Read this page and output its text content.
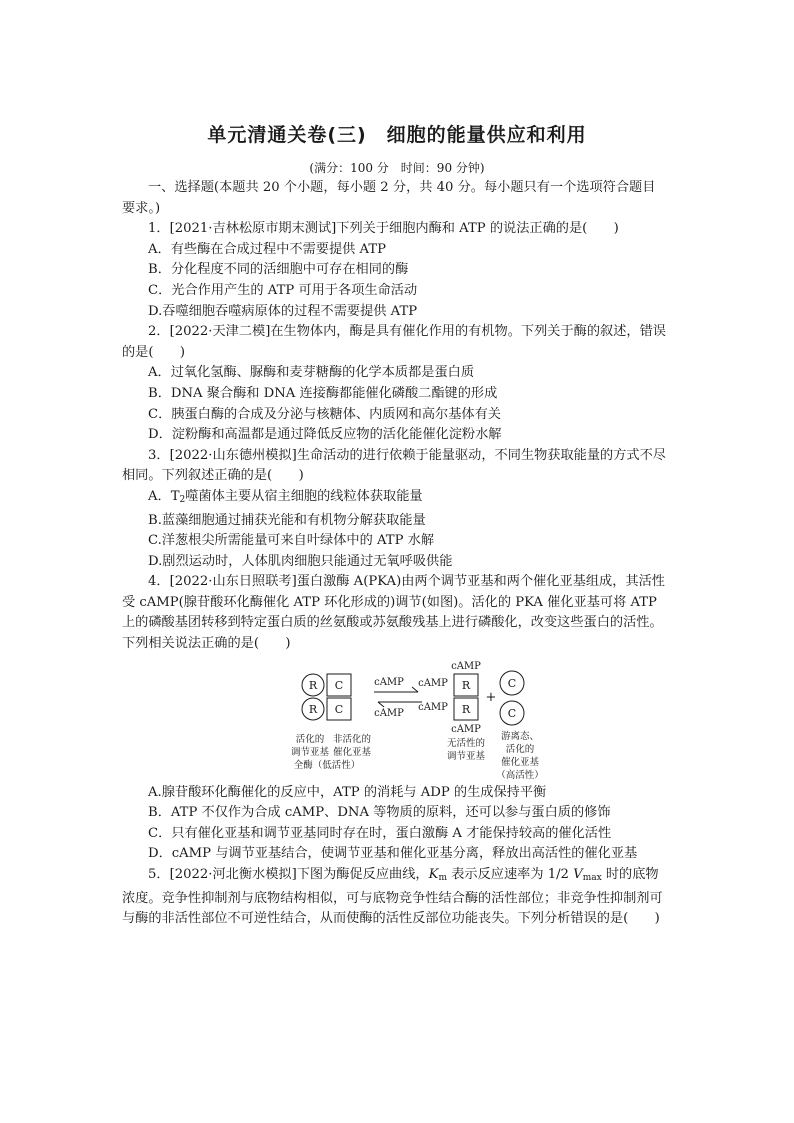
单元清通关卷(三)　细胞的能量供应和利用
(满分：100 分　时间：90 分钟)

一、选择题(本题共 20 个小题，每小题 2 分，共 40 分。每小题只有一个选项符合题目要求。)

1．[2021·吉林松原市期末测试]下列关于细胞内酶和 ATP 的说法正确的是(　　)

A．有些酶在合成过程中不需要提供 ATP

B．分化程度不同的活细胞中可存在相同的酶

C．光合作用产生的 ATP 可用于各项生命活动

D.吞噬细胞吞噬病原体的过程不需要提供 ATP

2．[2022·天津二模]在生物体内，酶是具有催化作用的有机物。下列关于酶的叙述，错误的是(　　)

A．过氧化氢酶、脲酶和麦芽糖酶的化学本质都是蛋白质

B．DNA 聚合酶和 DNA 连接酶都能催化磷酸二酯键的形成

C．胰蛋白酶的合成及分泌与核糖体、内质网和高尔基体有关

D．淀粉酶和高温都是通过降低反应物的活化能催化淀粉水解

3．[2022·山东德州模拟]生命活动的进行依赖于能量驱动，不同生物获取能量的方式不尽相同。下列叙述正确的是(　　)

A．$T_2$噬菌体主要从宿主细胞的线粒体获取能量

B.蓝藻细胞通过捕获光能和有机物分解获取能量

C.洋葱根尖所需能量可来自叶绿体中的 ATP 水解

D.剧烈运动时，人体肌肉细胞只能通过无氧呼吸供能

4．[2022·山东日照联考]蛋白激酶 A(PKA)由两个调节亚基和两个催化亚基组成，其活性受 cAMP(腺苷酸环化酶催化 ATP 环化形成的)调节(如图)。活化的 PKA 催化亚基可将 ATP 上的磷酸基团转移到特定蛋白质的丝氨酸或苏氨酸残基上进行磷酸化，改变这些蛋白的活性。下列相关说法正确的是(　　)

R
R
C
C
R
R
C
C
+
cAMP
cAMP
cAMP
cAMP
cAMP
cAMP
活化的
调节亚基
全酶（低活性）
非活化的
催化亚基
无活性的
调节亚基
游离态、
活化的
催化亚基
（高活性）

A.腺苷酸环化酶催化的反应中，ATP 的消耗与 ADP 的生成保持平衡

B．ATP 不仅作为合成 cAMP、DNA 等物质的原料，还可以参与蛋白质的修饰

C．只有催化亚基和调节亚基同时存在时，蛋白激酶 A 才能保持较高的催化活性

D．cAMP 与调节亚基结合，使调节亚基和催化亚基分离，释放出高活性的催化亚基

5．[2022·河北衡水模拟]下图为酶促反应曲线，$K_m$ 表示反应速率为 1/2 $V_{max}$ 时的底物浓度。竞争性抑制剂与底物结构相似，可与底物竞争性结合酶的活性部位；非竞争性抑制剂可与酶的非活性部位不可逆性结合，从而使酶的活性反部位功能丧失。下列分析错误的是(　　)
